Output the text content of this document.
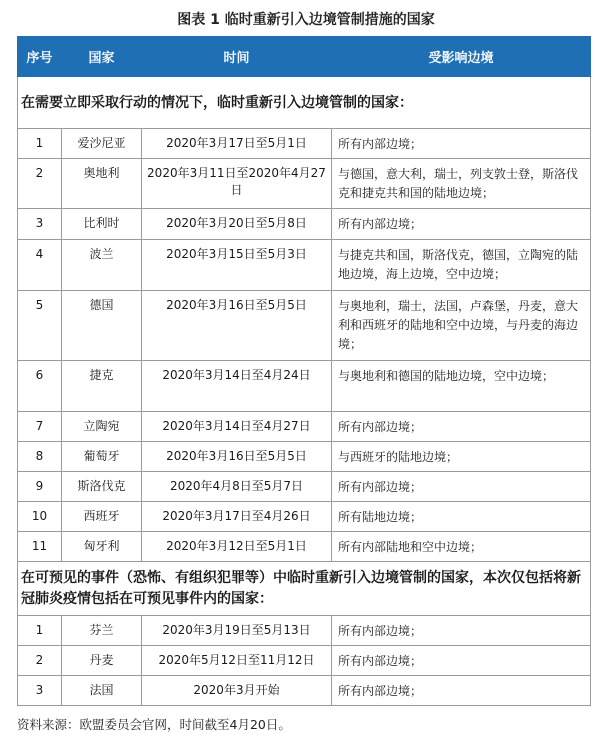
图表 1 临时重新引入边境管制措施的国家
序号	国家	时间	受影响边境
在需要立即采取行动的情况下，临时重新引入边境管制的国家：			
1	爱沙尼亚	2020年3月17日至5月1日	所有内部边境；
2	奥地利	2020年3月11日至2020年4月27日	与德国，意大利，瑞士，列支敦士登，斯洛伐克和捷克共和国的陆地边境；
3	比利时	2020年3月20日至5月8日	所有内部边境；
4	波兰	2020年3月15日至5月3日	与捷克共和国，斯洛伐克，德国，立陶宛的陆地边境，海上边境，空中边境；
5	德国	2020年3月16日至5月5日	与奥地利，瑞士，法国，卢森堡，丹麦，意大利和西班牙的陆地和空中边境，与丹麦的海边境；
6	捷克	2020年3月14日至4月24日	与奥地利和德国的陆地边境，空中边境；
7	立陶宛	2020年3月14日至4月27日	所有内部边境；
8	葡萄牙	2020年3月16日至5月5日	与西班牙的陆地边境；
9	斯洛伐克	2020年4月8日至5月7日	所有内部边境；
10	西班牙	2020年3月17日至4月26日	所有陆地边境；
11	匈牙利	2020年3月12日至5月1日	所有内部陆地和空中边境；
在可预见的事件（恐怖、有组织犯罪等）中临时重新引入边境管制的国家，本次仅包括将新冠肺炎疫情包括在可预见事件内的国家：			
1	芬兰	2020年3月19日至5月13日	所有内部边境；
2	丹麦	2020年5月12日至11月12日	所有内部边境；
3	法国	2020年3月开始	所有内部边境；
资料来源：欧盟委员会官网，时间截至4月20日。
